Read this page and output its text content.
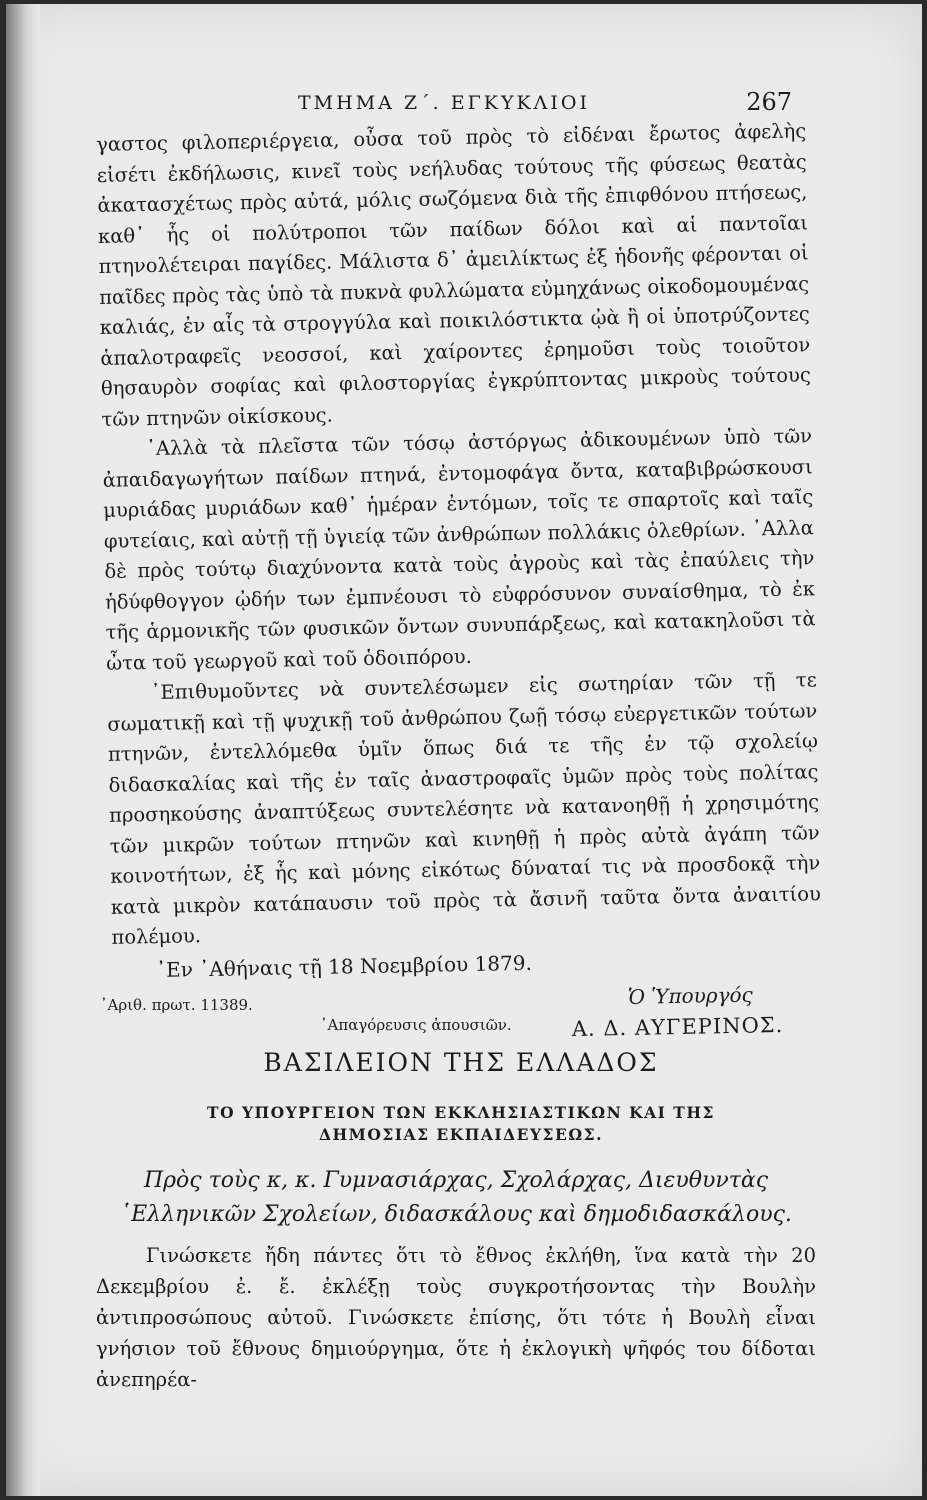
ΤΜΗΜΑ Ζ΄. ΕΓΚΥΚΛΙΟΙ	267

γαστος φιλοπεριέργεια, οὖσα τοῦ πρὸς τὸ εἰδέναι ἔρωτος ἀφελὴς εἰσέτι ἐκδήλωσις, κινεῖ τοὺς νεήλυδας τούτους τῆς φύσεως θεατὰς ἀκατασχέτως πρὸς αὐτά, μόλις σωζόμενα διὰ τῆς ἐπιφθόνου πτήσεως, καθ᾽ ἧς οἱ πολύτροποι τῶν παίδων δόλοι καὶ αἱ παντοῖαι πτηνολέτειραι παγίδες. Μάλιστα δ᾽ ἀμειλίκτως ἐξ ἡδονῆς φέρονται οἱ παῖδες πρὸς τὰς ὑπὸ τὰ πυκνὰ φυλλώματα εὐμηχάνως οἰκοδομουμένας καλιάς, ἐν αἷς τὰ στρογγύλα καὶ ποικιλόστικτα ᾠὰ ἢ οἱ ὑποτρύζοντες ἁπαλοτραφεῖς νεοσσοί, καὶ χαίροντες ἐρημοῦσι τοὺς τοιοῦτον θησαυρὸν σοφίας καὶ φιλοστοργίας ἐγκρύπτοντας μικροὺς τούτους τῶν πτηνῶν οἰκίσκους.

᾽Αλλὰ τὰ πλεῖστα τῶν τόσῳ ἀστόργως ἀδικουμένων ὑπὸ τῶν ἀπαιδαγωγήτων παίδων πτηνά, ἐντομοφάγα ὄντα, καταβιβρώσκουσι μυριάδας μυριάδων καθ᾽ ἡμέραν ἐντόμων, τοῖς τε σπαρτοῖς καὶ ταῖς φυτείαις, καὶ αὐτῇ τῇ ὑγιείᾳ τῶν ἀνθρώπων πολλάκις ὀλεθρίων. ᾽Αλλα δὲ πρὸς τούτῳ διαχύνοντα κατὰ τοὺς ἀγροὺς καὶ τὰς ἐπαύλεις τὴν ἡδύφθογγον ᾠδήν των ἐμπνέουσι τὸ εὐφρόσυνον συναίσθημα, τὸ ἐκ τῆς ἁρμονικῆς τῶν φυσικῶν ὄντων συνυπάρξεως, καὶ κατακηλοῦσι τὰ ὦτα τοῦ γεωργοῦ καὶ τοῦ ὁδοιπόρου.

᾽Επιθυμοῦντες νὰ συντελέσωμεν εἰς σωτηρίαν τῶν τῇ τε σωματικῇ καὶ τῇ ψυχικῇ τοῦ ἀνθρώπου ζωῇ τόσῳ εὐεργετικῶν τούτων πτηνῶν, ἐντελλόμεθα ὑμῖν ὅπως διά τε τῆς ἐν τῷ σχολείῳ διδασκαλίας καὶ τῆς ἐν ταῖς ἀναστροφαῖς ὑμῶν πρὸς τοὺς πολίτας προσηκούσης ἀναπτύξεως συντελέσητε νὰ κατανοηθῇ ἡ χρησιμότης τῶν μικρῶν τούτων πτηνῶν καὶ κινηθῇ ἡ πρὸς αὐτὰ ἀγάπη τῶν κοινοτήτων, ἐξ ἧς καὶ μόνης εἰκότως δύναταί τις νὰ προσδοκᾷ τὴν κατὰ μικρὸν κατάπαυσιν τοῦ πρὸς τὰ ἄσινῆ ταῦτα ὄντα ἀναιτίου πολέμου.

᾽Εν ᾽Αθήναις τῇ 18 Νοεμβρίου 1879.
Ὁ Ὑπουργός
Α. Δ. ΑΥΓΕΡΙΝΟΣ.
᾽Αριθ. πρωτ. 11389.
᾽Απαγόρευσις ἀπουσιῶν.
ΒΑΣΙΛΕΙΟΝ ΤΗΣ ΕΛΛΑΔΟΣ
ΤΟ ΥΠΟΥΡΓΕΙΟΝ ΤΩΝ ΕΚΚΛΗΣΙΑΣΤΙΚΩΝ ΚΑΙ ΤΗΣ
ΔΗΜΟΣΙΑΣ ΕΚΠΑΙΔΕΥΣΕΩΣ.
Πρὸς τοὺς κ, κ. Γυμνασιάρχας, Σχολάρχας, Διευθυντὰς ῾Ελληνικῶν Σχολείων, διδασκάλους καὶ δημοδιδασκάλους.

Γινώσκετε ἤδη πάντες ὅτι τὸ ἔθνος ἐκλήθη, ἵνα κατὰ τὴν 20 Δεκεμβρίου ἐ. ἔ. ἐκλέξῃ τοὺς συγκροτήσοντας τὴν Βουλὴν ἀντιπροσώπους αὐτοῦ. Γινώσκετε ἐπίσης, ὅτι τότε ἡ Βουλὴ εἶναι γνήσιον τοῦ ἔθνους δημιούργημα, ὅτε ἡ ἐκλογικὴ ψῆφός του δίδοται ἀνεπηρέα-
